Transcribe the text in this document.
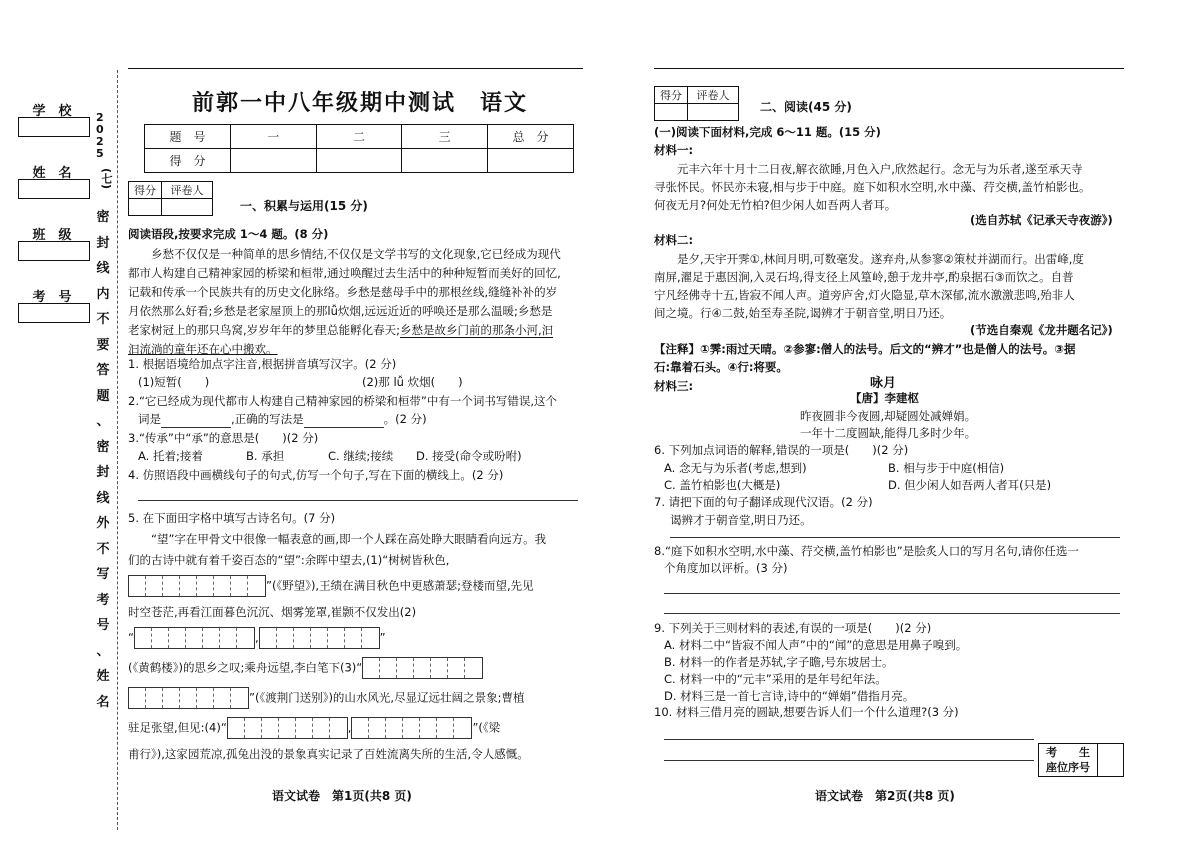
学　校
姓　名
班　级
考　号
2025
(七)
密
封
线
内
不
要
答
题
、
密
封
线
外
不
写
考
号
、
姓
名
前郭一中八年级期中测试　语文
题　号	一	二	三	总　分
得　分				
得分	评卷人

一、积累与运用(15 分)
阅读语段,按要求完成 1～4 题。(8 分)
　　乡愁不仅仅是一种简单的思乡情结,不仅仅是文学书写的文化现象,它已经成为现代
都市人构建自己精神家园的桥梁和桓带,通过唤醒过去生活中的种种短暂而美好的回忆,
记载和传承一个民族共有的历史文化脉络。乡愁是慈母手中的那根丝线,缝缝补补的岁
月依然那么好看;乡愁是老家屋顶上的那lǚ炊烟,远远近近的呼唤还是那么温暖;乡愁是
老家树冠上的那只鸟窝,岁岁年年的梦里总能孵化春天;乡愁是故乡门前的那条小河,汩
汩流淌的童年还在心中搬欢。
1. 根据语境给加点字注音,根据拼音填写汉字。(2 分)
(1)短暂(　　)	(2)那 lǚ 炊烟(　　)
2.“它已经成为现代都市人构建自己精神家园的桥梁和桓带”中有一个词书写错误,这个
词是	,正确的写法是	。(2 分)
3.“传承”中“承”的意思是(　　)(2 分)
A. 托着;接着	B. 承担	C. 继续;接续 D. 接受(命令或吩咐)
4. 仿照语段中画横线句子的句式,仿写一个句子,写在下面的横线上。(2 分)
5. 在下面田字格中填写古诗名句。(7 分)
　　“望”字在甲骨文中很像一幅表意的画,即一个人踩在高处睁大眼睛看向远方。我
们的古诗中就有着千姿百态的“望”:余晖中望去,(1)“树树皆秋色,
”(《野望》),王绩在满目秋色中更感萧瑟;登楼而望,先见
时空苍茫,再看江面暮色沉沉、烟雾笼罩,崔颢不仅发出(2)
“	,	”
(《黄鹤楼》)的思乡之叹;乘舟远望,李白笔下(3)“
”(《渡荆门送别》)的山水风光,尽显辽远壮阔之景象;曹植
驻足张望,但见:(4)“	,	”(《梁
甫行》),这家园荒凉,孤兔出没的景象真实记录了百姓流离失所的生活,令人感慨。
语文试卷　第1页(共8 页)
得分	评卷人

二、阅读(45 分)
(一)阅读下面材料,完成 6～11 题。(15 分)
材料一:
　　元丰六年十月十二日夜,解衣欲睡,月色入户,欣然起行。念无与为乐者,遂至承天寺
寻张怀民。怀民亦未寝,相与步于中庭。庭下如积水空明,水中藻、荇交横,盖竹柏影也。
何夜无月?何处无竹柏?但少闲人如吾两人者耳。
(选自苏轼《记承天寺夜游》)
材料二:
　　是夕,天宇开霁①,林间月明,可数毫发。遂弃舟,从参寥②策杖并湖而行。出雷峰,度
南屏,濯足于惠因涧,入灵石坞,得支径上风篁岭,憩于龙井亭,酌泉据石③而饮之。自普
宁凡经佛寺十五,皆寂不闻人声。道旁庐舍,灯火隐显,草木深郁,流水激激悲鸣,殆非人
间之境。行④二鼓,始至寿圣院,谒辨才于朝音堂,明日乃还。
(节选自秦观《龙井题名记》)
【注释】①霁:雨过天晴。②参寥:僧人的法号。后文的“辨才”也是僧人的法号。③据
石:靠着石头。④行:将要。
材料三:	咏月
【唐】李建枢
昨夜圆非今夜圆,却疑圆处减婵娟。
一年十二度圆缺,能得几多时少年。
6. 下列加点词语的解释,错误的一项是(　　)(2 分)
A. 念无与为乐者(考虑,想到)	B. 相与步于中庭(相信)
C. 盖竹柏影也(大概是)	D. 但少闲人如吾两人者耳(只是)
7. 请把下面的句子翻译成现代汉语。(2 分)
谒辨才于朝音堂,明日乃还。
8.“庭下如积水空明,水中藻、荇交横,盖竹柏影也”是脍炙人口的写月名句,请你任选一
个角度加以评析。(3 分)
9. 下列关于三则材料的表述,有误的一项是(　　)(2 分)
A. 材料二中“皆寂不闻人声”中的“闻”的意思是用鼻子嗅到。
B. 材料一的作者是苏轼,字子瞻,号东坡居士。
C. 材料一中的“元丰”采用的是年号纪年法。
D. 材料三是一首七言诗,诗中的“婵娟”借指月亮。
10. 材料三借月亮的圆缺,想要告诉人们一个什么道理?(3 分)
考　　生
座位序号
语文试卷　第2页(共8 页)
